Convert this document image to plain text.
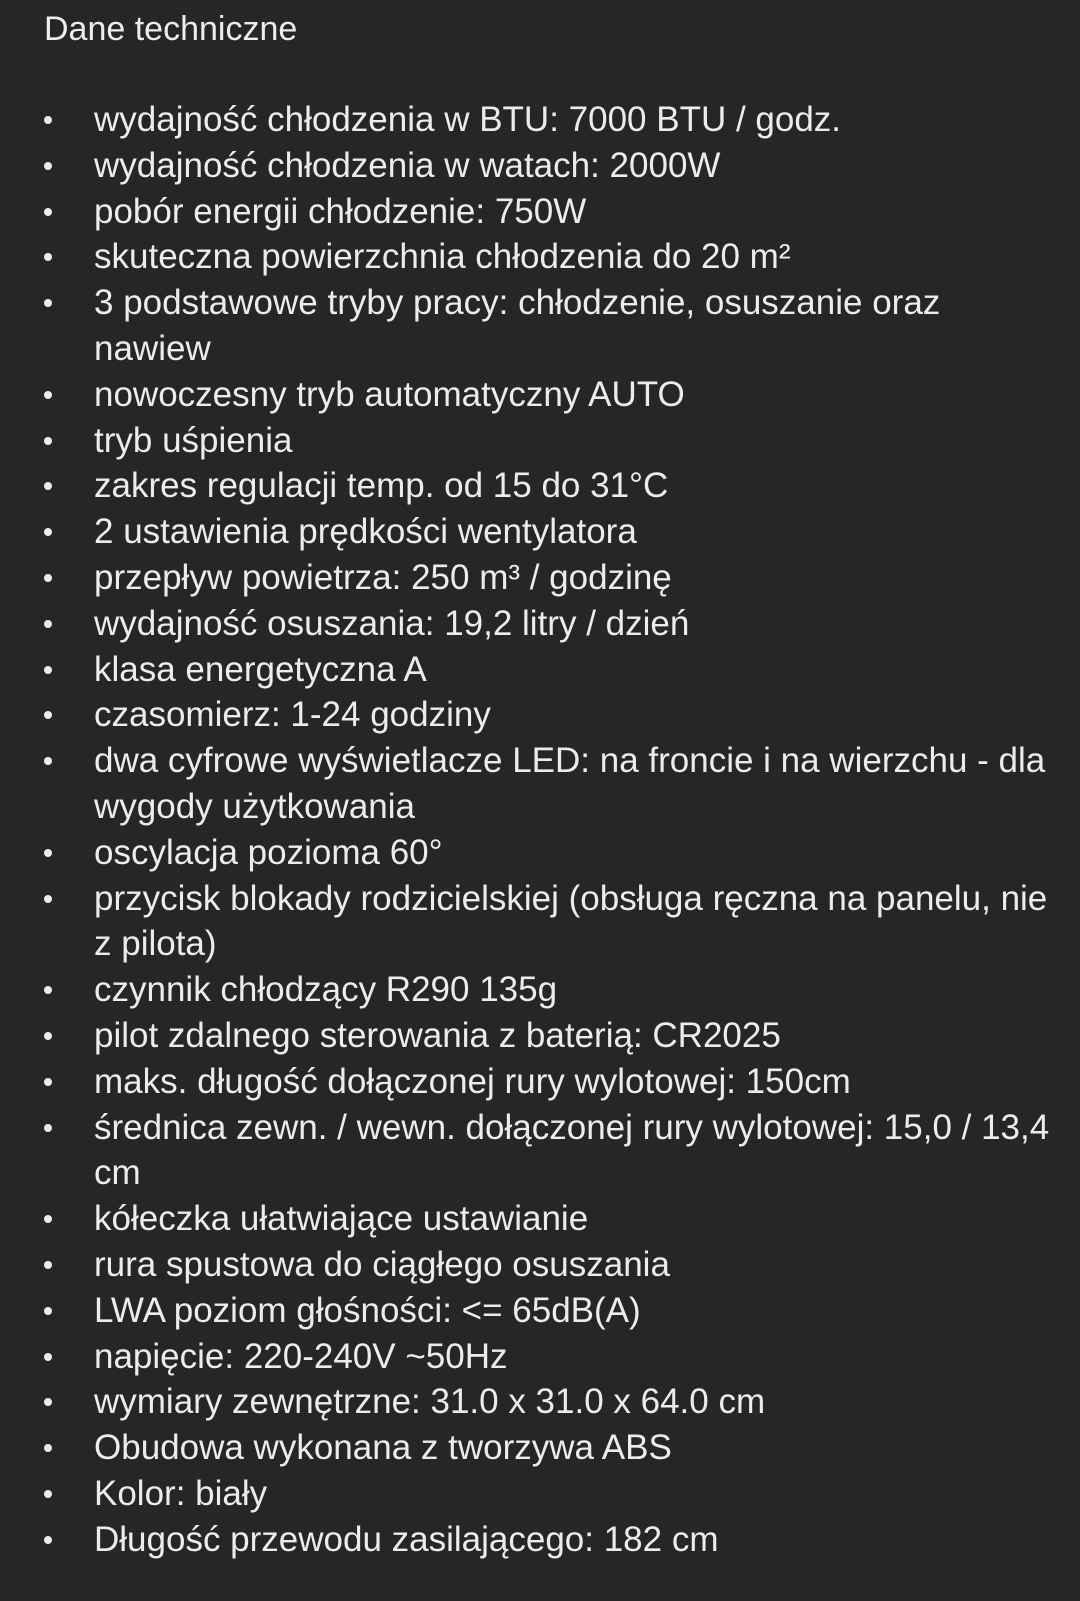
Dane techniczne
wydajność chłodzenia w BTU: 7000 BTU / godz.
wydajność chłodzenia w watach: 2000W
pobór energii chłodzenie: 750W
skuteczna powierzchnia chłodzenia do 20 m²
3 podstawowe tryby pracy: chłodzenie, osuszanie oraz nawiew
nowoczesny tryb automatyczny AUTO
tryb uśpienia
zakres regulacji temp. od 15 do 31°C
2 ustawienia prędkości wentylatora
przepływ powietrza: 250 m³ / godzinę
wydajność osuszania: 19,2 litry / dzień
klasa energetyczna A
czasomierz: 1-24 godziny
dwa cyfrowe wyświetlacze LED: na froncie i na wierzchu - dla wygody użytkowania
oscylacja pozioma 60°
przycisk blokady rodzicielskiej (obsługa ręczna na panelu, nie z pilota)
czynnik chłodzący R290 135g
pilot zdalnego sterowania z baterią: CR2025
maks. długość dołączonej rury wylotowej: 150cm
średnica zewn. / wewn. dołączonej rury wylotowej: 15,0 / 13,4 cm
kółeczka ułatwiające ustawianie
rura spustowa do ciągłego osuszania
LWA poziom głośności: <= 65dB(A)
napięcie: 220-240V ~50Hz
wymiary zewnętrzne: 31.0 x 31.0 x 64.0 cm
Obudowa wykonana z tworzywa ABS
Kolor: biały
Długość przewodu zasilającego: 182 cm
